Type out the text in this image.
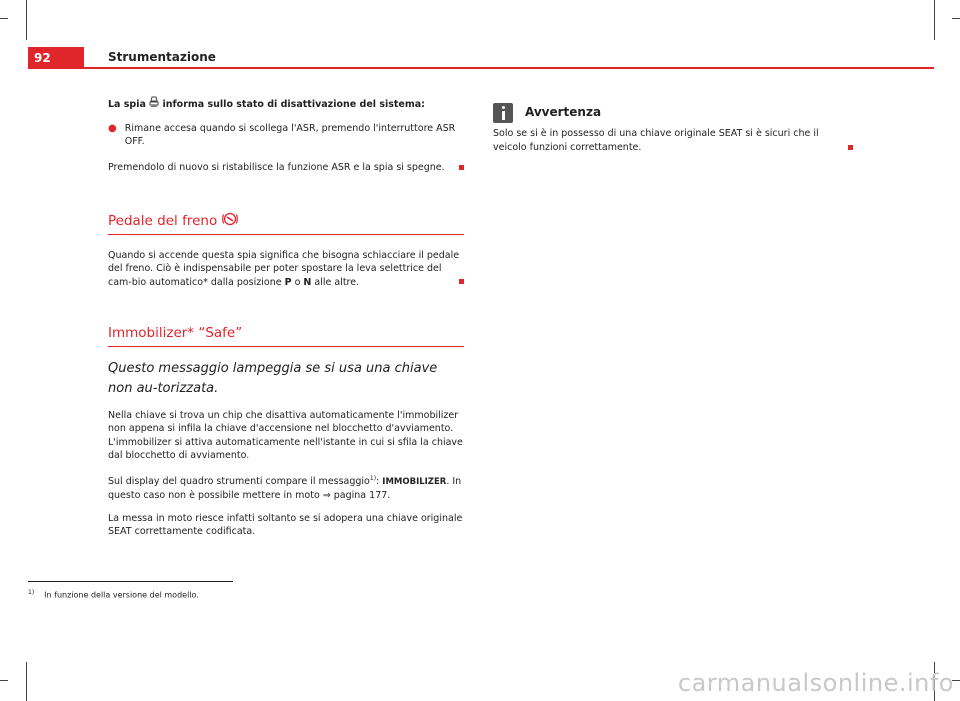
92	Strumentazione

La spia informa sullo stato di disattivazione del sistema:

● Rimane accesa quando si scollega l'ASR, premendo l'interruttore ASR OFF.

Premendolo di nuovo si ristabilisce la funzione ASR e la spia si spegne.

Pedale del freno

Quando si accende questa spia significa che bisogna schiacciare il pedale del freno. Ciò è indispensabile per poter spostare la leva selettrice del cam-bio automatico* dalla posizione P o N alle altre.

Immobilizer* “Safe”

Questo messaggio lampeggia se si usa una chiave non au-torizzata.

Nella chiave si trova un chip che disattiva automaticamente l'immobilizer non appena si infila la chiave d'accensione nel blocchetto d'avviamento. L'immobilizer si attiva automaticamente nell'istante in cui si sfila la chiave dal blocchetto di avviamento.

Sul display del quadro strumenti compare il messaggio$^{1)}$: IMMOBILIZER. In questo caso non è possibile mettere in moto ⇒ pagina 177.

La messa in moto riesce infatti soltanto se si adopera una chiave originale SEAT correttamente codificata.

Avvertenza

Solo se si è in possesso di una chiave originale SEAT si è sicuri che il veicolo funzioni correttamente.

$^{1)}$ In funzione della versione del modello.
carmanualsonline.info
